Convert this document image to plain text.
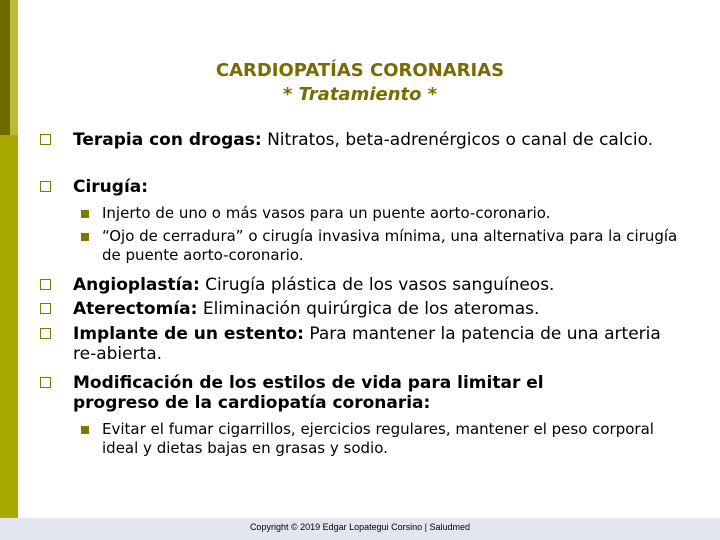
CARDIOPATÍAS CORONARIAS
* Tratamiento *
Terapia con drogas: Nitratos, beta-adrenérgicos o canal de calcio.
Cirugía:
Injerto de uno o más vasos para un puente aorto-coronario.
“Ojo de cerradura” o cirugía invasiva mínima, una alternativa para la cirugía de puente aorto-coronario.
Angioplastía: Cirugía plástica de los vasos sanguíneos.
Aterectomía: Eliminación quirúrgica de los ateromas.
Implante de un estento: Para mantener la patencia de una arteria re-abierta.
Modificación de los estilos de vida para limitar el progreso de la cardiopatía coronaria:
Evitar el fumar cigarrillos, ejercicios regulares, mantener el peso corporal ideal y dietas bajas en grasas y sodio.
Copyright © 2019 Edgar Lopategui Corsino | Saludmed
